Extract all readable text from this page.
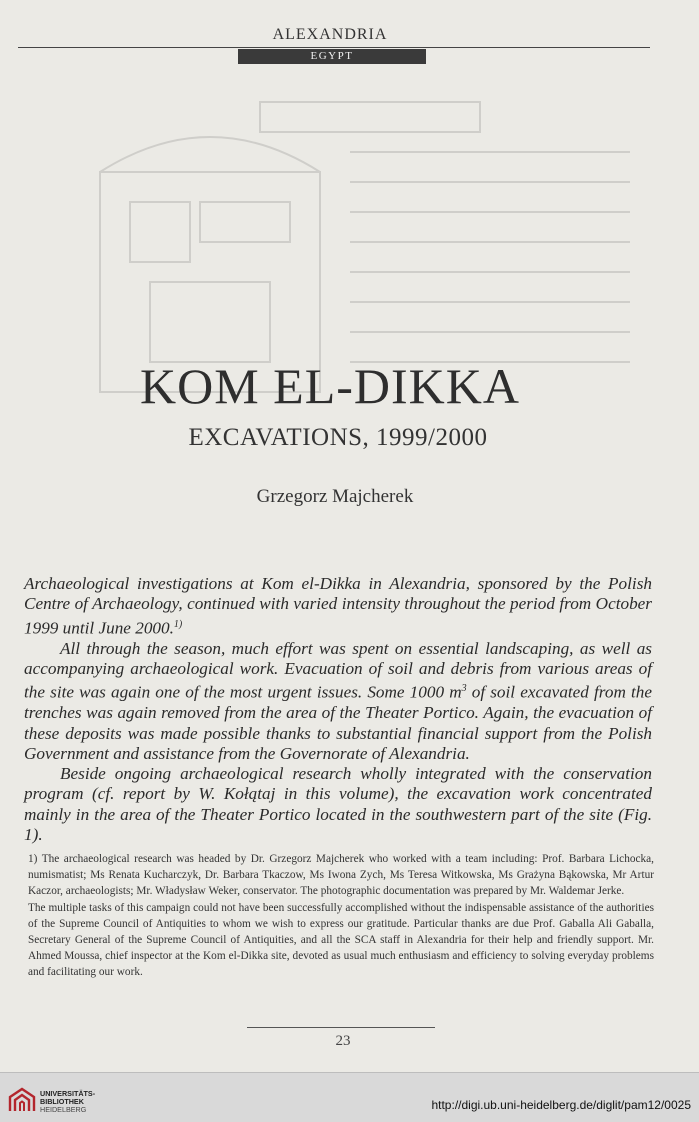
ALEXANDRIA
EGYPT
KOM EL-DIKKA
EXCAVATIONS, 1999/2000
Grzegorz Majcherek

Archaeological investigations at Kom el-Dikka in Alexandria, sponsored by the Polish Centre of Archaeology, continued with varied intensity throughout the period from October 1999 until June 2000.$^{1)}$

All through the season, much effort was spent on essential landscaping, as well as accompanying archaeological work. Evacuation of soil and debris from various areas of the site was again one of the most urgent issues. Some 1000 $m^3$ of soil excavated from the trenches was again removed from the area of the Theater Portico. Again, the evacuation of these deposits was made possible thanks to substantial financial support from the Polish Government and assistance from the Governorate of Alexandria.

Beside ongoing archaeological research wholly integrated with the conservation program (cf. report by W. Kołątaj in this volume), the excavation work concentrated mainly in the area of the Theater Portico located in the southwestern part of the site (Fig. 1).

1) The archaeological research was headed by Dr. Grzegorz Majcherek who worked with a team including: Prof. Barbara Lichocka, numismatist; Ms Renata Kucharczyk, Dr. Barbara Tkaczow, Ms Iwona Zych, Ms Teresa Witkowska, Ms Grażyna Bąkowska, Mr Artur Kaczor, archaeologists; Mr. Władysław Weker, conservator. The photographic documentation was prepared by Mr. Waldemar Jerke.

The multiple tasks of this campaign could not have been successfully accomplished without the indispensable assistance of the authorities of the Supreme Council of Antiquities to whom we wish to express our gratitude. Particular thanks are due Prof. Gaballa Ali Gaballa, Secretary General of the Supreme Council of Antiquities, and all the SCA staff in Alexandria for their help and friendly support. Mr. Ahmed Moussa, chief inspector at the Kom el-Dikka site, devoted as usual much enthusiasm and efficiency to solving everyday problems and facilitating our work.

23
UNIVERSITÄTS-
BIBLIOTHEK
HEIDELBERG	http://digi.ub.uni-heidelberg.de/diglit/pam12/0025
